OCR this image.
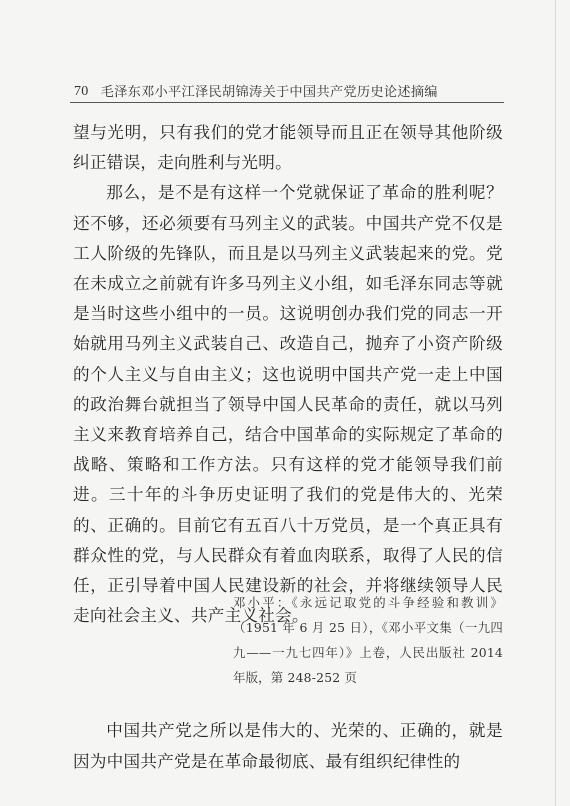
70 毛泽东邓小平江泽民胡锦涛关于中国共产党历史论述摘编

望与光明，只有我们的党才能领导而且正在领导其他阶级纠正错误，走向胜利与光明。

那么，是不是有这样一个党就保证了革命的胜利呢？还不够，还必须要有马列主义的武装。中国共产党不仅是工人阶级的先锋队，而且是以马列主义武装起来的党。党在未成立之前就有许多马列主义小组，如毛泽东同志等就是当时这些小组中的一员。这说明创办我们党的同志一开始就用马列主义武装自己、改造自己，抛弃了小资产阶级的个人主义与自由主义；这也说明中国共产党一走上中国的政治舞台就担当了领导中国人民革命的责任，就以马列主义来教育培养自己，结合中国革命的实际规定了革命的战略、策略和工作方法。只有这样的党才能领导我们前进。三十年的斗争历史证明了我们的党是伟大的、光荣的、正确的。目前它有五百八十万党员，是一个真正具有群众性的党，与人民群众有着血肉联系，取得了人民的信任，正引导着中国人民建设新的社会，并将继续领导人民走向社会主义、共产主义社会。

邓小平：《永远记取党的斗争经验和教训》（1951 年 6 月 25 日），《邓小平文集（一九四九——一九七四年）》上卷，人民出版社 2014 年版，第 248-252 页

中国共产党之所以是伟大的、光荣的、正确的，就是因为中国共产党是在革命最彻底、最有组织纪律性的
